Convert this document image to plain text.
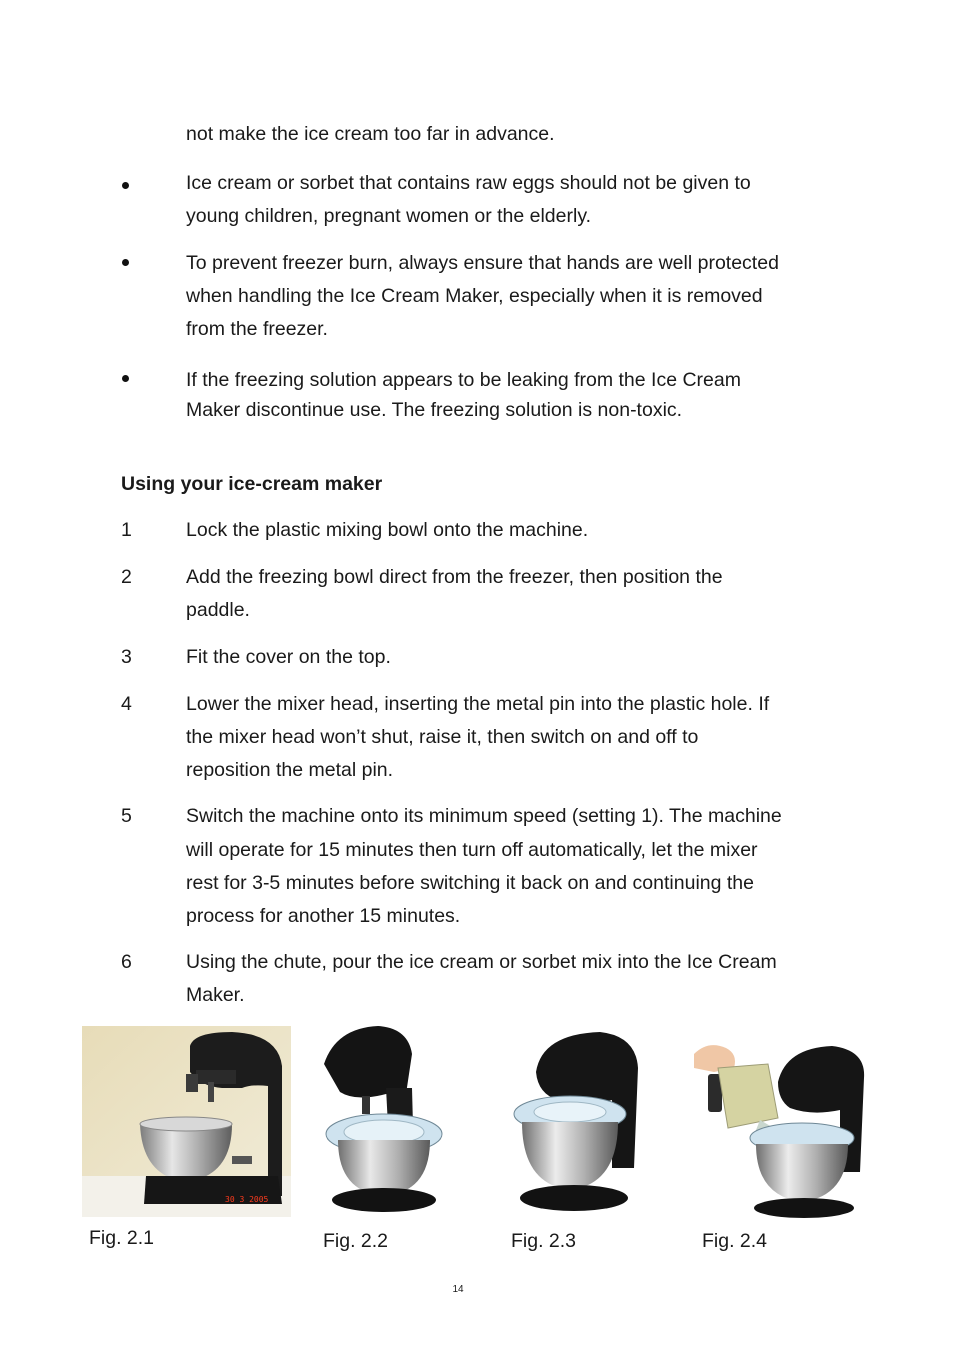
not make the ice cream too far in advance.
Ice cream or sorbet that contains raw eggs should not be given to
young children, pregnant women or the elderly.
To prevent freezer burn, always ensure that hands are well protected
when handling the Ice Cream Maker, especially when it is removed
from the freezer.
If the freezing solution appears to be leaking from the Ice Cream
Maker discontinue use. The freezing solution is non-toxic.
Using your ice-cream maker
1	Lock the plastic mixing bowl onto the machine.
2	Add the freezing bowl direct from the freezer, then position the
paddle.
3	Fit the cover on the top.
4	Lower the mixer head, inserting the metal pin into the plastic hole. If
the mixer head won’t shut, raise it, then switch on and off to
reposition the metal pin.
5	Switch the machine onto its minimum speed (setting 1). The machine
will operate for 15 minutes then turn off automatically, let the mixer
rest for 3-5 minutes before switching it back on and continuing the
process for another 15 minutes.
6	Using the chute, pour the ice cream or sorbet mix into the Ice Cream
Maker.
30 3 2005
Fig. 2.1	Fig. 2.2	Fig. 2.3	Fig. 2.4
14
